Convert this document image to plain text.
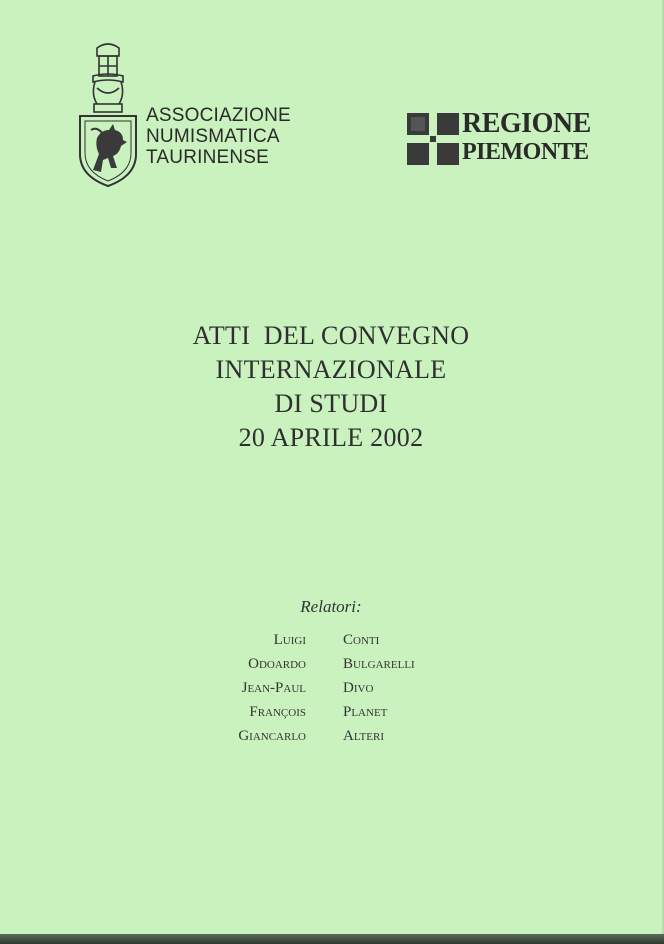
ASSOCIAZIONE
NUMISMATICA
TAURINENSE
REGIONE
PIEMONTE
ATTI  DEL CONVEGNO
INTERNAZIONALE
DI STUDI
20 APRILE 2002
Relatori:
Luigi Conti
Odoardo Bulgarelli
Jean-Paul Divo
François Planet
Giancarlo Alteri
